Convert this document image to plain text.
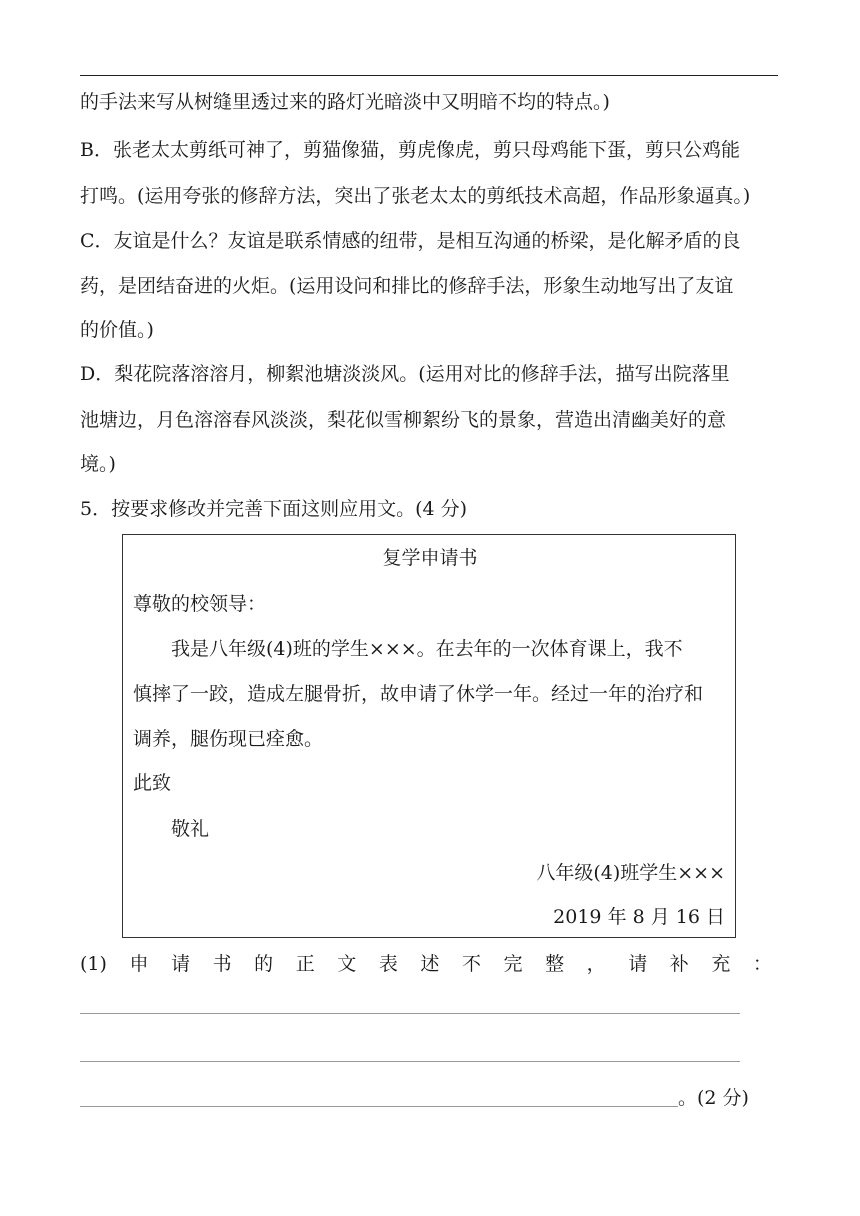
的手法来写从树缝里透过来的路灯光暗淡中又明暗不均的特点。)
B．张老太太剪纸可神了，剪猫像猫，剪虎像虎，剪只母鸡能下蛋，剪只公鸡能
打鸣。(运用夸张的修辞方法，突出了张老太太的剪纸技术高超，作品形象逼真。)
C．友谊是什么？友谊是联系情感的纽带，是相互沟通的桥梁，是化解矛盾的良
药，是团结奋进的火炬。(运用设问和排比的修辞手法，形象生动地写出了友谊
的价值。)
D．梨花院落溶溶月，柳絮池塘淡淡风。(运用对比的修辞手法，描写出院落里
池塘边，月色溶溶春风淡淡，梨花似雪柳絮纷飞的景象，营造出清幽美好的意
境。)
5．按要求修改并完善下面这则应用文。(4 分)
复学申请书
尊敬的校领导：
我是八年级(4)班的学生×××。在去年的一次体育课上，我不
慎摔了一跤，造成左腿骨折，故申请了休学一年。经过一年的治疗和
调养，腿伤现已痊愈。
此致
敬礼
八年级(4)班学生×××
2019 年 8 月 16 日
(1) 申 请 书 的 正 文 表 述 不 完 整 ， 请 补 充 ：
。(2 分)
